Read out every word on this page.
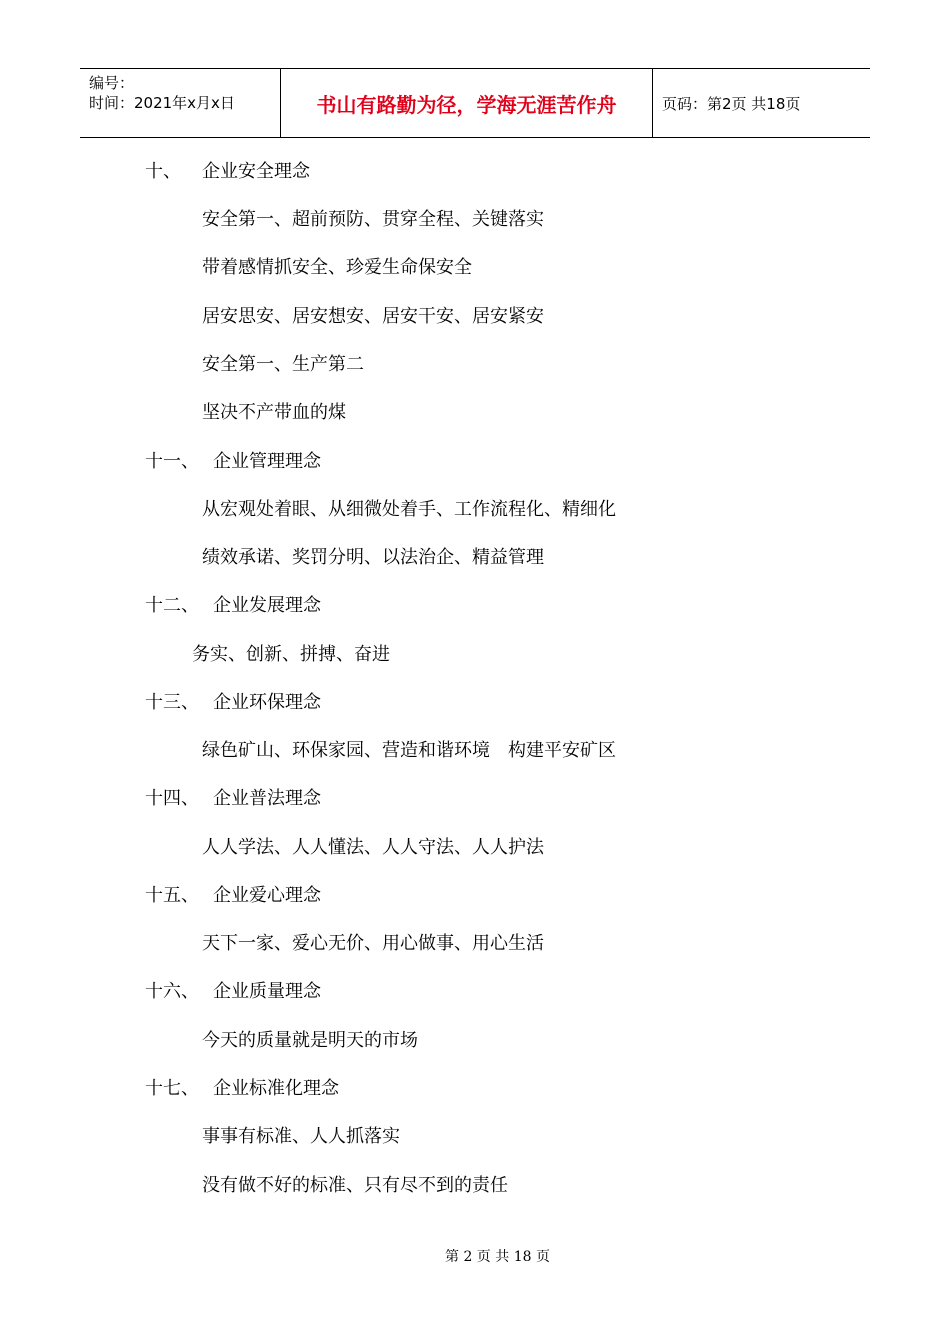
编号：
时间：2021年x月x日	书山有路勤为径，学海无涯苦作舟	页码：第2页 共18页
十、 企业安全理念
安全第一、超前预防、贯穿全程、关键落实
带着感情抓安全、珍爱生命保安全
居安思安、居安想安、居安干安、居安紧安
安全第一、生产第二
坚决不产带血的煤
十一、 企业管理理念
从宏观处着眼、从细微处着手、工作流程化、精细化
绩效承诺、奖罚分明、以法治企、精益管理
十二、 企业发展理念
务实、创新、拼搏、奋进
十三、 企业环保理念
绿色矿山、环保家园、营造和谐环境　构建平安矿区
十四、 企业普法理念
人人学法、人人懂法、人人守法、人人护法
十五、 企业爱心理念
天下一家、爱心无价、用心做事、用心生活
十六、 企业质量理念
今天的质量就是明天的市场
十七、 企业标准化理念
事事有标准、人人抓落实
没有做不好的标准、只有尽不到的责任
第 2 页 共 18 页
